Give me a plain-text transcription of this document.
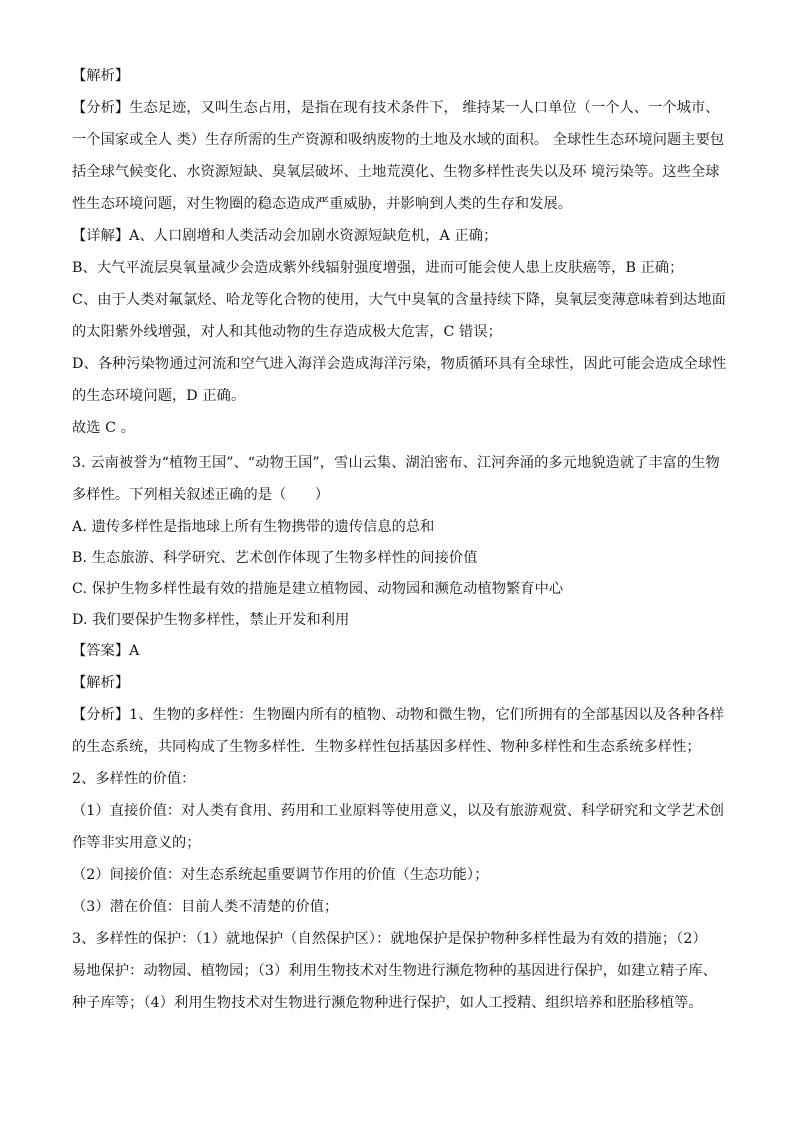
【解析】
【分析】生态足迹，又叫生态占用，是指在现有技术条件下， 维持某一人口单位（一个人、一个城市、
一个国家或全人 类）生存所需的生产资源和吸纳废物的土地及水域的面积。 全球性生态环境问题主要包
括全球气候变化、水资源短缺、臭氧层破坏、土地荒漠化、生物多样性丧失以及环 境污染等。这些全球
性生态环境问题，对生物圈的稳态造成严重威胁，并影响到人类的生存和发展。
【详解】A、人口剧增和人类活动会加剧水资源短缺危机，A 正确；
B、大气平流层臭氧量减少会造成紫外线辐射强度增强，进而可能会使人患上皮肤癌等，B 正确；
C、由于人类对氟氯烃、哈龙等化合物的使用，大气中臭氧的含量持续下降，臭氧层变薄意味着到达地面
的太阳紫外线增强，对人和其他动物的生存造成极大危害，C 错误；
D、各种污染物通过河流和空气进入海洋会造成海洋污染，物质循环具有全球性，因此可能会造成全球性
的生态环境问题，D 正确。
故选 C 。
3. 云南被誉为“植物王国”、“动物王国”，雪山云集、湖泊密布、江河奔涌的多元地貌造就了丰富的生物
多样性。下列相关叙述正确的是（　　）
A. 遗传多样性是指地球上所有生物携带的遗传信息的总和
B. 生态旅游、科学研究、艺术创作体现了生物多样性的间接价值
C. 保护生物多样性最有效的措施是建立植物园、动物园和濒危动植物繁育中心
D. 我们要保护生物多样性，禁止开发和利用
【答案】A
【解析】
【分析】1、生物的多样性：生物圈内所有的植物、动物和微生物，它们所拥有的全部基因以及各种各样
的生态系统，共同构成了生物多样性．生物多样性包括基因多样性、物种多样性和生态系统多样性；
2、多样性的价值：
（1）直接价值：对人类有食用、药用和工业原料等使用意义，以及有旅游观赏、科学研究和文学艺术创
作等非实用意义的；
（2）间接价值：对生态系统起重要调节作用的价值（生态功能）；
（3）潜在价值：目前人类不清楚的价值；
3、多样性的保护：（1）就地保护（自然保护区）：就地保护是保护物种多样性最为有效的措施；（2）
易地保护：动物园、植物园；（3）利用生物技术对生物进行濒危物种的基因进行保护，如建立精子库、
种子库等；（4）利用生物技术对生物进行濒危物种进行保护，如人工授精、组织培养和胚胎移植等。
